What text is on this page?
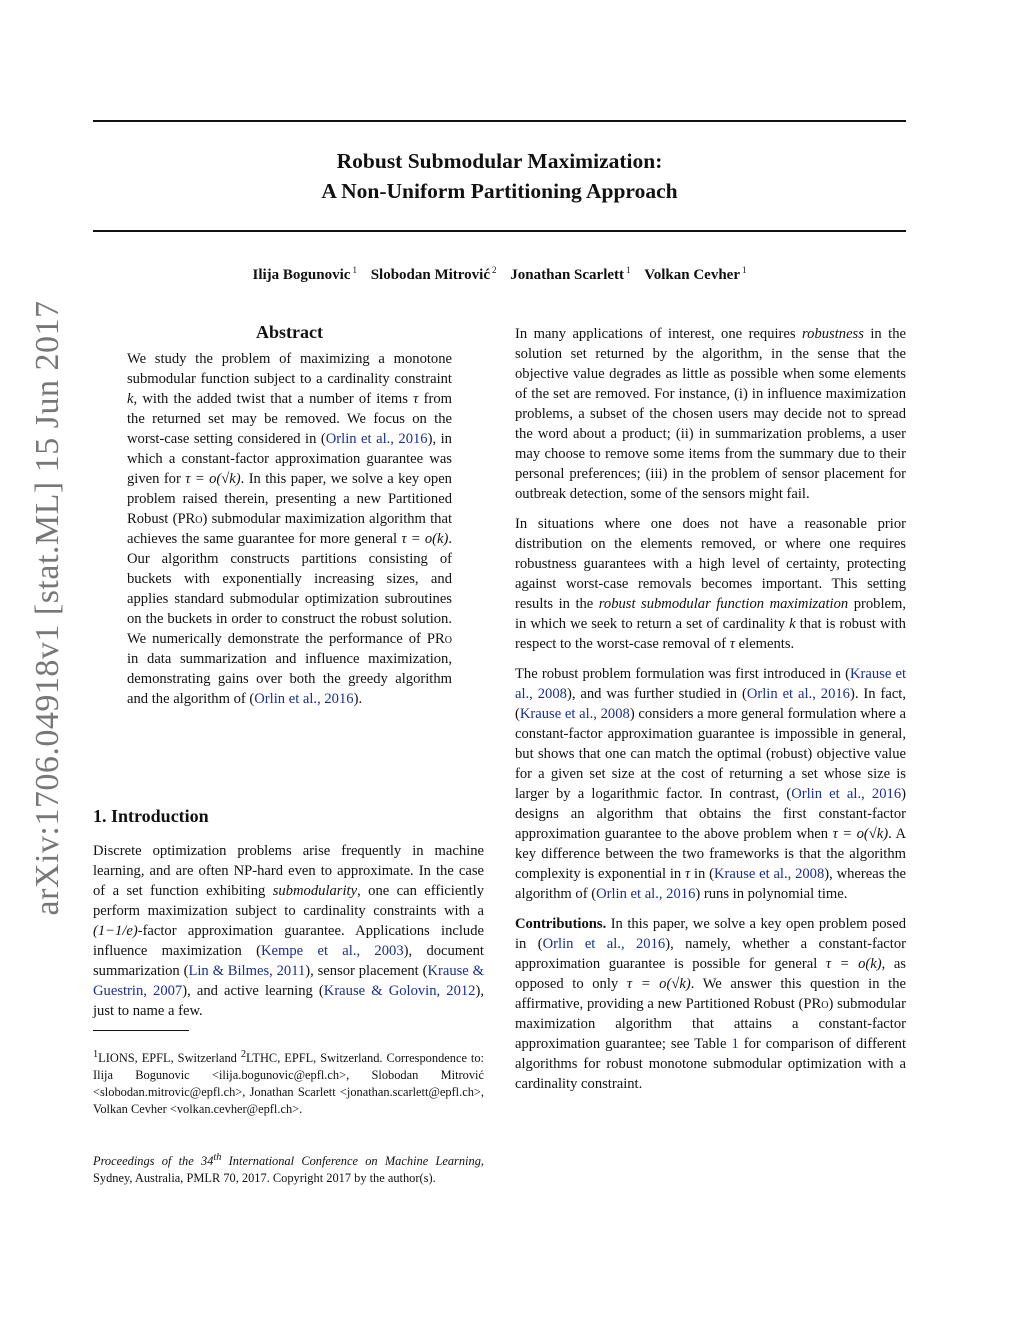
arXiv:1706.04918v1 [stat.ML] 15 Jun 2017
Robust Submodular Maximization:
A Non-Uniform Partitioning Approach
Ilija Bogunovic $^1$ Slobodan Mitrović $^2$ Jonathan Scarlett $^1$ Volkan Cevher $^1$
Abstract
We study the problem of maximizing a monotone submodular function subject to a cardinality constraint k, with the added twist that a number of items τ from the returned set may be removed. We focus on the worst-case setting considered in (Orlin et al., 2016), in which a constant-factor approximation guarantee was given for τ = o(√k). In this paper, we solve a key open problem raised therein, presenting a new Partitioned Robust (PRo) submodular maximization algorithm that achieves the same guarantee for more general τ = o(k). Our algorithm constructs partitions consisting of buckets with exponentially increasing sizes, and applies standard submodular optimization subroutines on the buckets in order to construct the robust solution. We numerically demonstrate the performance of PRo in data summarization and influence maximization, demonstrating gains over both the greedy algorithm and the algorithm of (Orlin et al., 2016).
1. Introduction
Discrete optimization problems arise frequently in machine learning, and are often NP-hard even to approximate. In the case of a set function exhibiting submodularity, one can efficiently perform maximization subject to cardinality constraints with a (1−1/e)-factor approximation guarantee. Applications include influence maximization (Kempe et al., 2003), document summarization (Lin & Bilmes, 2011), sensor placement (Krause & Guestrin, 2007), and active learning (Krause & Golovin, 2012), just to name a few.
$^1$LIONS, EPFL, Switzerland $^2$LTHC, EPFL, Switzerland. Correspondence to: Ilija Bogunovic <ilija.bogunovic@epfl.ch>, Slobodan Mitrović <slobodan.mitrovic@epfl.ch>, Jonathan Scarlett <jonathan.scarlett@epfl.ch>, Volkan Cevher <volkan.cevher@epfl.ch>.
Proceedings of the 34th International Conference on Machine Learning, Sydney, Australia, PMLR 70, 2017. Copyright 2017 by the author(s).

In many applications of interest, one requires robustness in the solution set returned by the algorithm, in the sense that the objective value degrades as little as possible when some elements of the set are removed. For instance, (i) in influence maximization problems, a subset of the chosen users may decide not to spread the word about a product; (ii) in summarization problems, a user may choose to remove some items from the summary due to their personal preferences; (iii) in the problem of sensor placement for outbreak detection, some of the sensors might fail.

In situations where one does not have a reasonable prior distribution on the elements removed, or where one requires robustness guarantees with a high level of certainty, protecting against worst-case removals becomes important. This setting results in the robust submodular function maximization problem, in which we seek to return a set of cardinality k that is robust with respect to the worst-case removal of τ elements.

The robust problem formulation was first introduced in (Krause et al., 2008), and was further studied in (Orlin et al., 2016). In fact, (Krause et al., 2008) considers a more general formulation where a constant-factor approximation guarantee is impossible in general, but shows that one can match the optimal (robust) objective value for a given set size at the cost of returning a set whose size is larger by a logarithmic factor. In contrast, (Orlin et al., 2016) designs an algorithm that obtains the first constant-factor approximation guarantee to the above problem when τ = o(√k). A key difference between the two frameworks is that the algorithm complexity is exponential in τ in (Krause et al., 2008), whereas the algorithm of (Orlin et al., 2016) runs in polynomial time.

Contributions. In this paper, we solve a key open problem posed in (Orlin et al., 2016), namely, whether a constant-factor approximation guarantee is possible for general τ = o(k), as opposed to only τ = o(√k). We answer this question in the affirmative, providing a new Partitioned Robust (PRo) submodular maximization algorithm that attains a constant-factor approximation guarantee; see Table 1 for comparison of different algorithms for robust monotone submodular optimization with a cardinality constraint.
